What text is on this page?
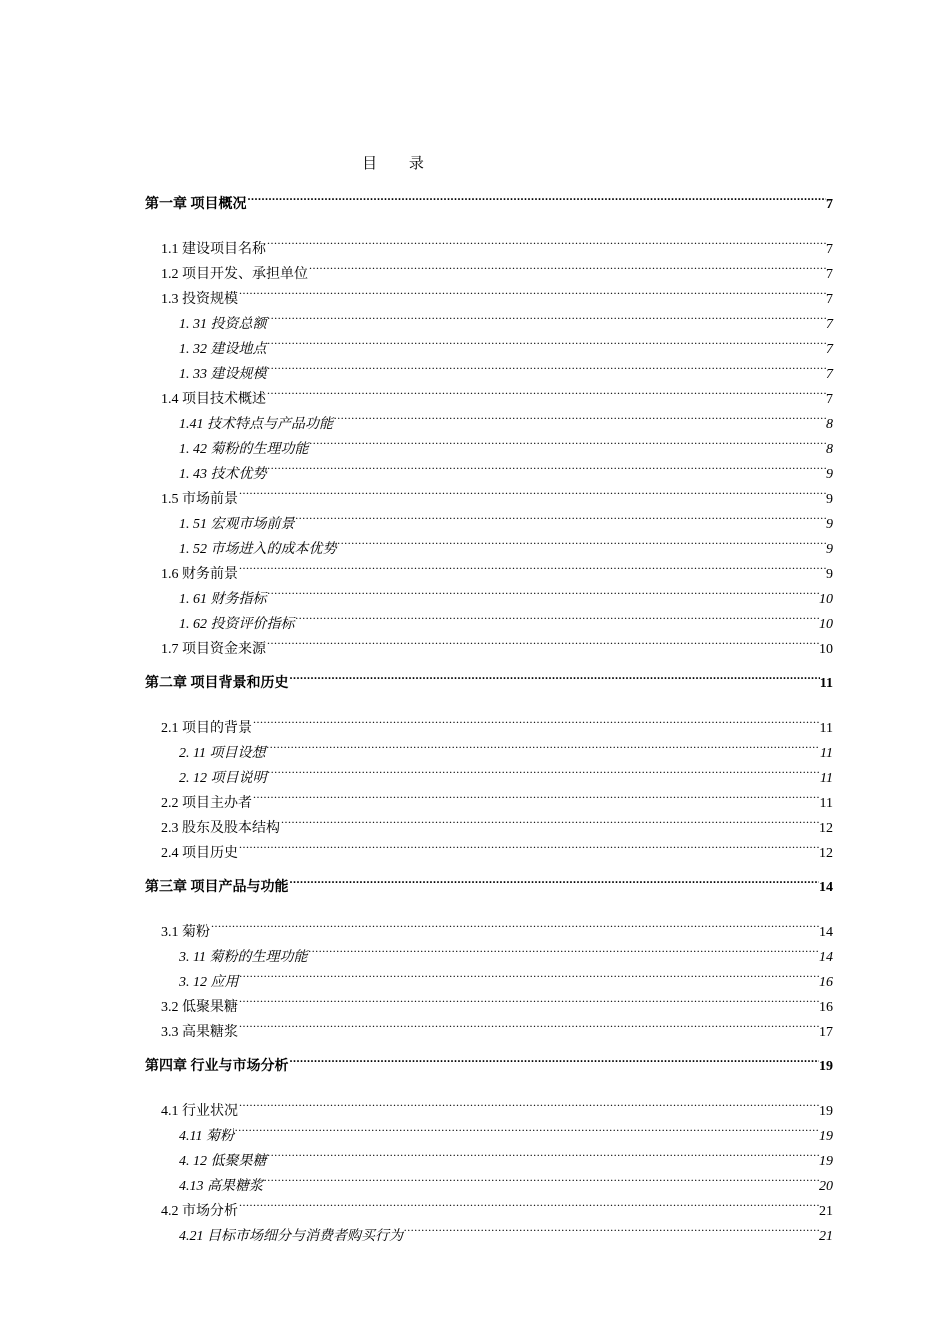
目 录
第一章 项目概况 .....	7
1.1 建设项目名称 .....	7
1.2 项目开发、承担单位 .....	7
1.3 投资规模 .....	7
1. 31 投资总额 .....	7
1. 32 建设地点 .....	7
1. 33 建设规模 .....	7
1.4 项目技术概述 .....	7
1.41 技术特点与产品功能 .....	8
1. 42 菊粉的生理功能 .....	8
1. 43 技术优势 .....	9
1.5 市场前景 .....	9
1. 51 宏观市场前景 .....	9
1. 52 市场进入的成本优势 .....	9
1.6 财务前景 .....	9
1. 61 财务指标 .....	10
1. 62 投资评价指标 .....	10
1.7 项目资金来源 .....	10
第二章 项目背景和历史 .....	11
2.1 项目的背景 .....	11
2. 11 项目设想 .....	11
2. 12 项目说明 .....	11
2.2 项目主办者 .....	11
2.3 股东及股本结构 .....	12
2.4 项目历史 .....	12
第三章 项目产品与功能 .....	14
3.1 菊粉 .....	14
3. 11 菊粉的生理功能 .....	14
3. 12 应用 .....	16
3.2 低聚果糖 .....	16
3.3 高果糖浆 .....	17
第四章 行业与市场分析 .....	19
4.1 行业状况 .....	19
4.11 菊粉 .....	19
4. 12 低聚果糖 .....	19
4.13 高果糖浆 .....	20
4.2 市场分析 .....	21
4.21 目标市场细分与消费者购买行为 .....	21
